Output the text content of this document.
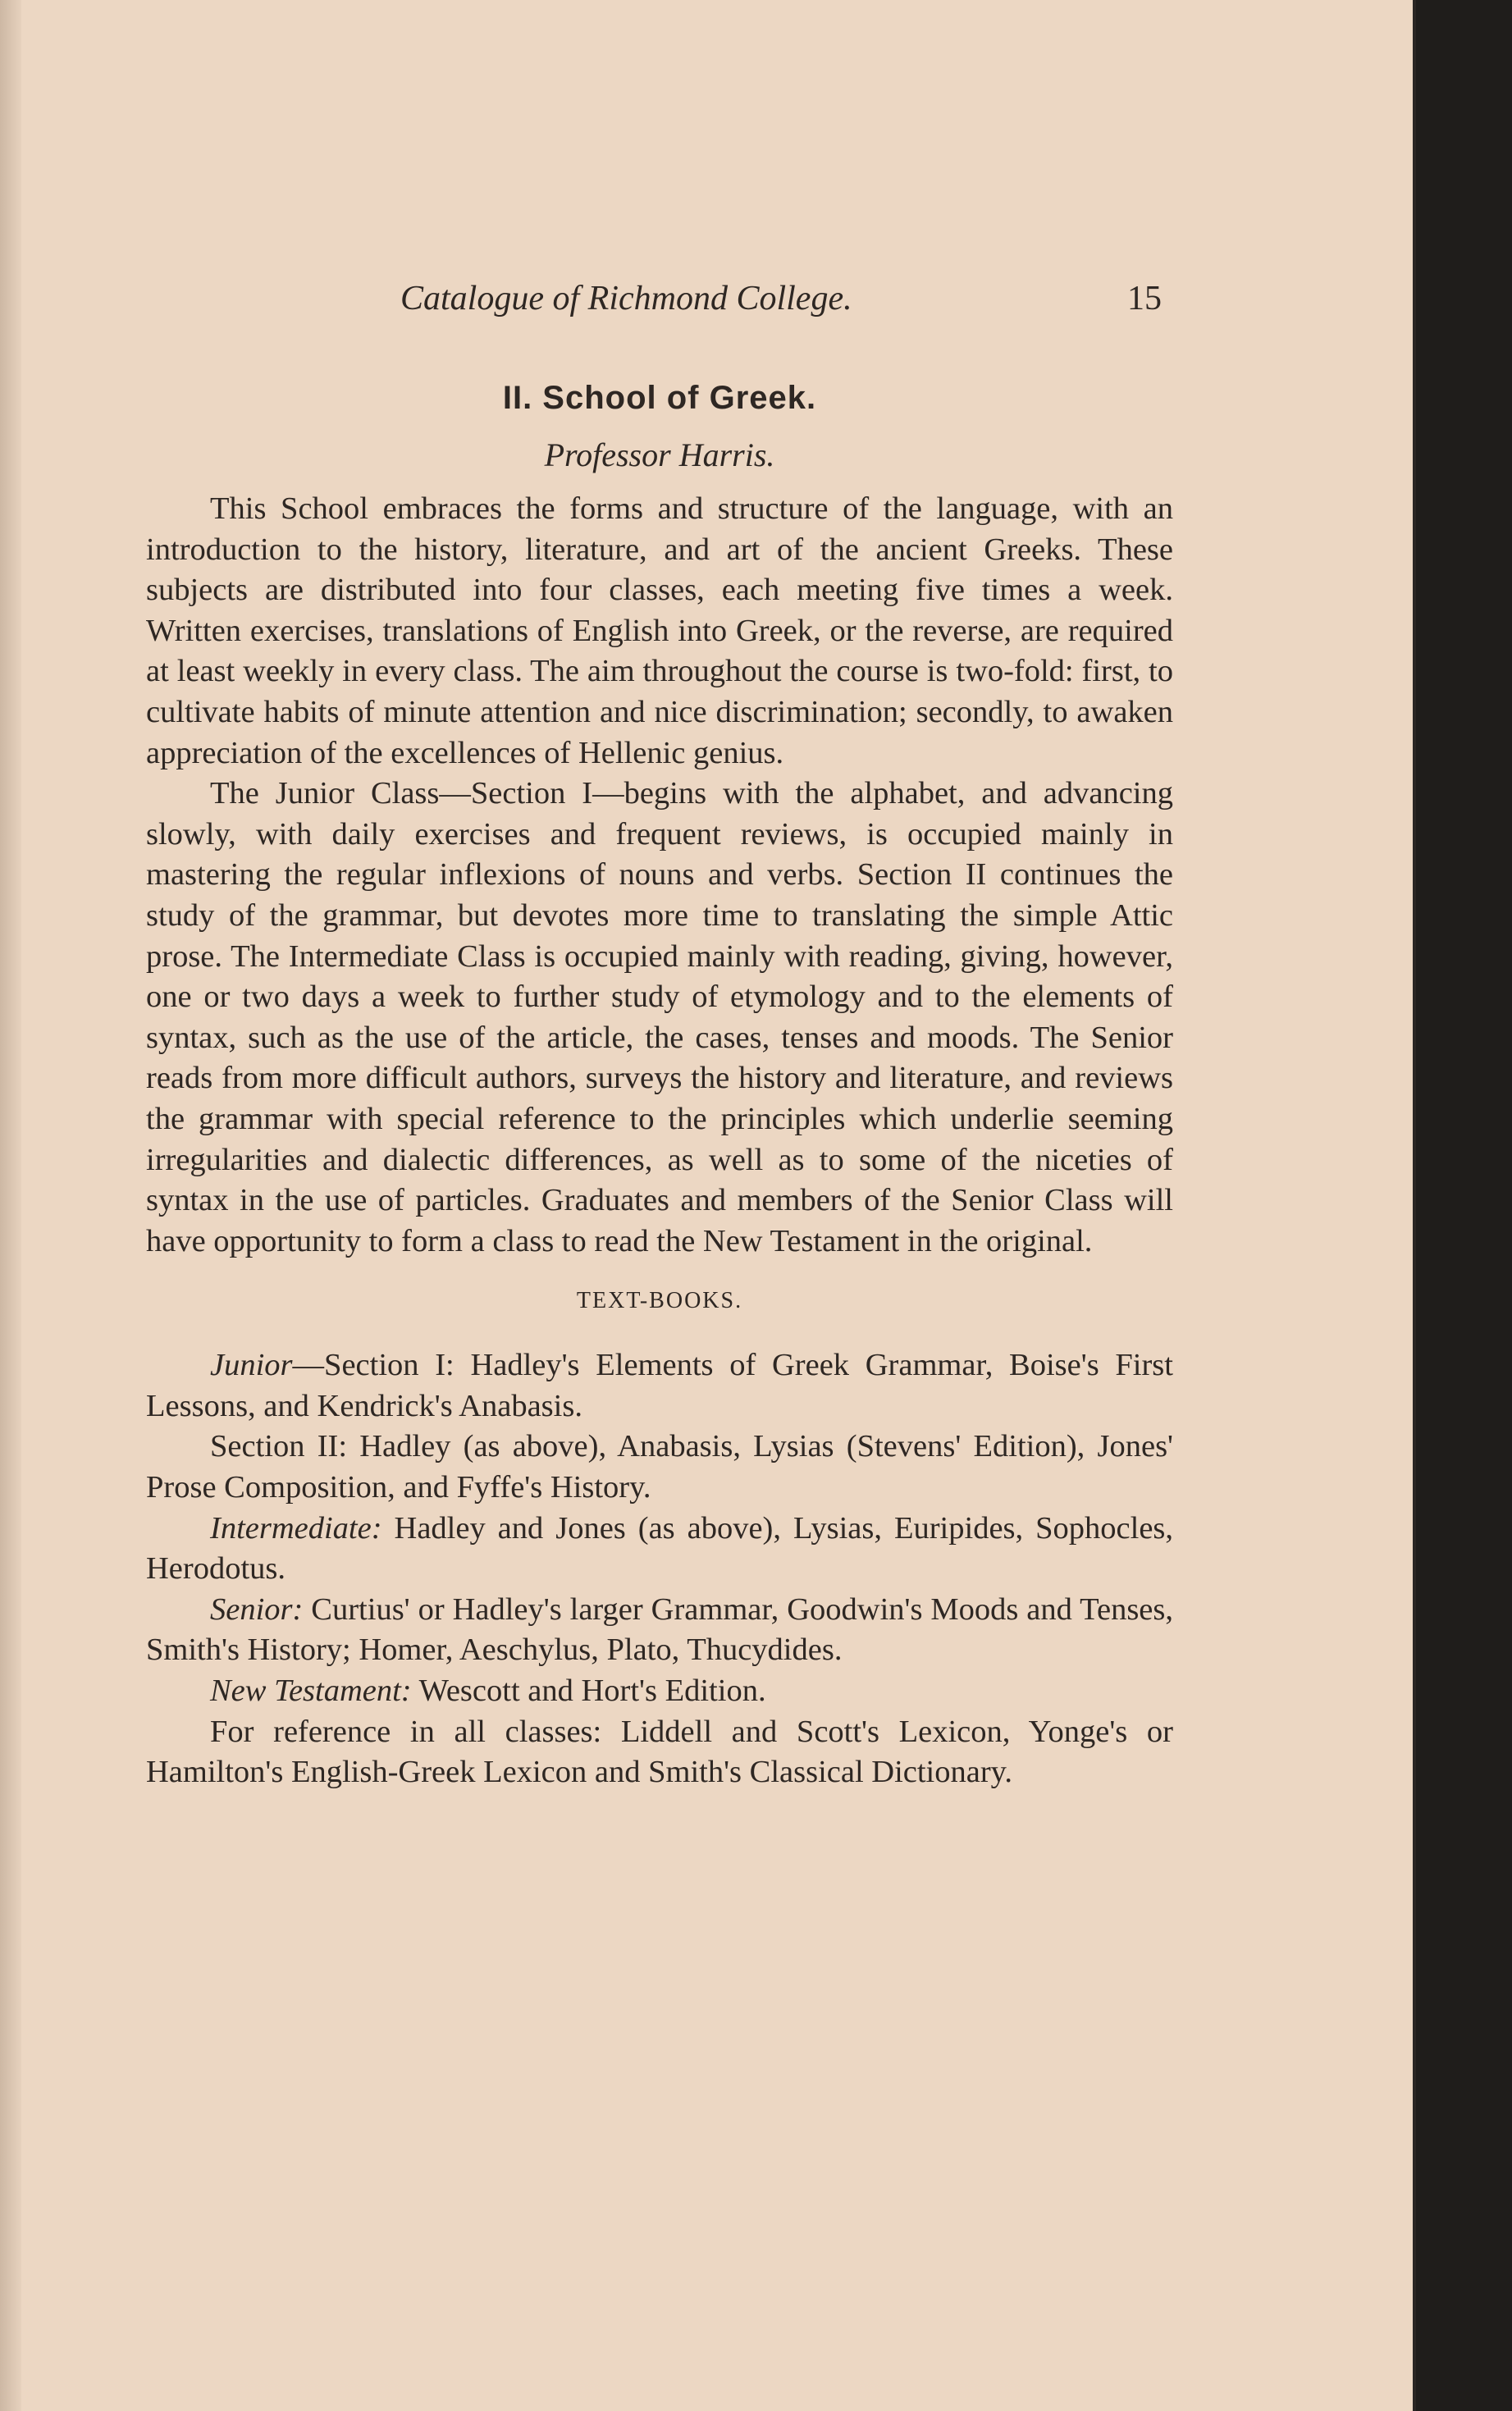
Catalogue of Richmond College.	15
II. School of Greek.
Professor Harris.

This School embraces the forms and structure of the language, with an introduction to the history, literature, and art of the ancient Greeks. These subjects are distributed into four classes, each meeting five times a week. Written exercises, translations of English into Greek, or the reverse, are required at least weekly in every class. The aim throughout the course is two-fold: first, to cultivate habits of minute attention and nice discrimination; secondly, to awaken appreciation of the excellences of Hellenic genius.

The Junior Class—Section I—begins with the alphabet, and advancing slowly, with daily exercises and frequent reviews, is occupied mainly in mastering the regular inflexions of nouns and verbs. Section II continues the study of the grammar, but devotes more time to translating the simple Attic prose. The Intermediate Class is occupied mainly with reading, giving, however, one or two days a week to further study of etymology and to the elements of syntax, such as the use of the article, the cases, tenses and moods. The Senior reads from more difficult authors, surveys the history and literature, and reviews the grammar with special reference to the principles which underlie seeming irregularities and dialectic differences, as well as to some of the niceties of syntax in the use of particles. Graduates and members of the Senior Class will have opportunity to form a class to read the New Testament in the original.

TEXT-BOOKS.

Junior—Section I: Hadley's Elements of Greek Grammar, Boise's First Lessons, and Kendrick's Anabasis.

Section II: Hadley (as above), Anabasis, Lysias (Stevens' Edition), Jones' Prose Composition, and Fyffe's History.

Intermediate: Hadley and Jones (as above), Lysias, Euripides, Sophocles, Herodotus.

Senior: Curtius' or Hadley's larger Grammar, Goodwin's Moods and Tenses, Smith's History; Homer, Aeschylus, Plato, Thucydides.

New Testament: Wescott and Hort's Edition.

For reference in all classes: Liddell and Scott's Lexicon, Yonge's or Hamilton's English-Greek Lexicon and Smith's Classical Dictionary.
